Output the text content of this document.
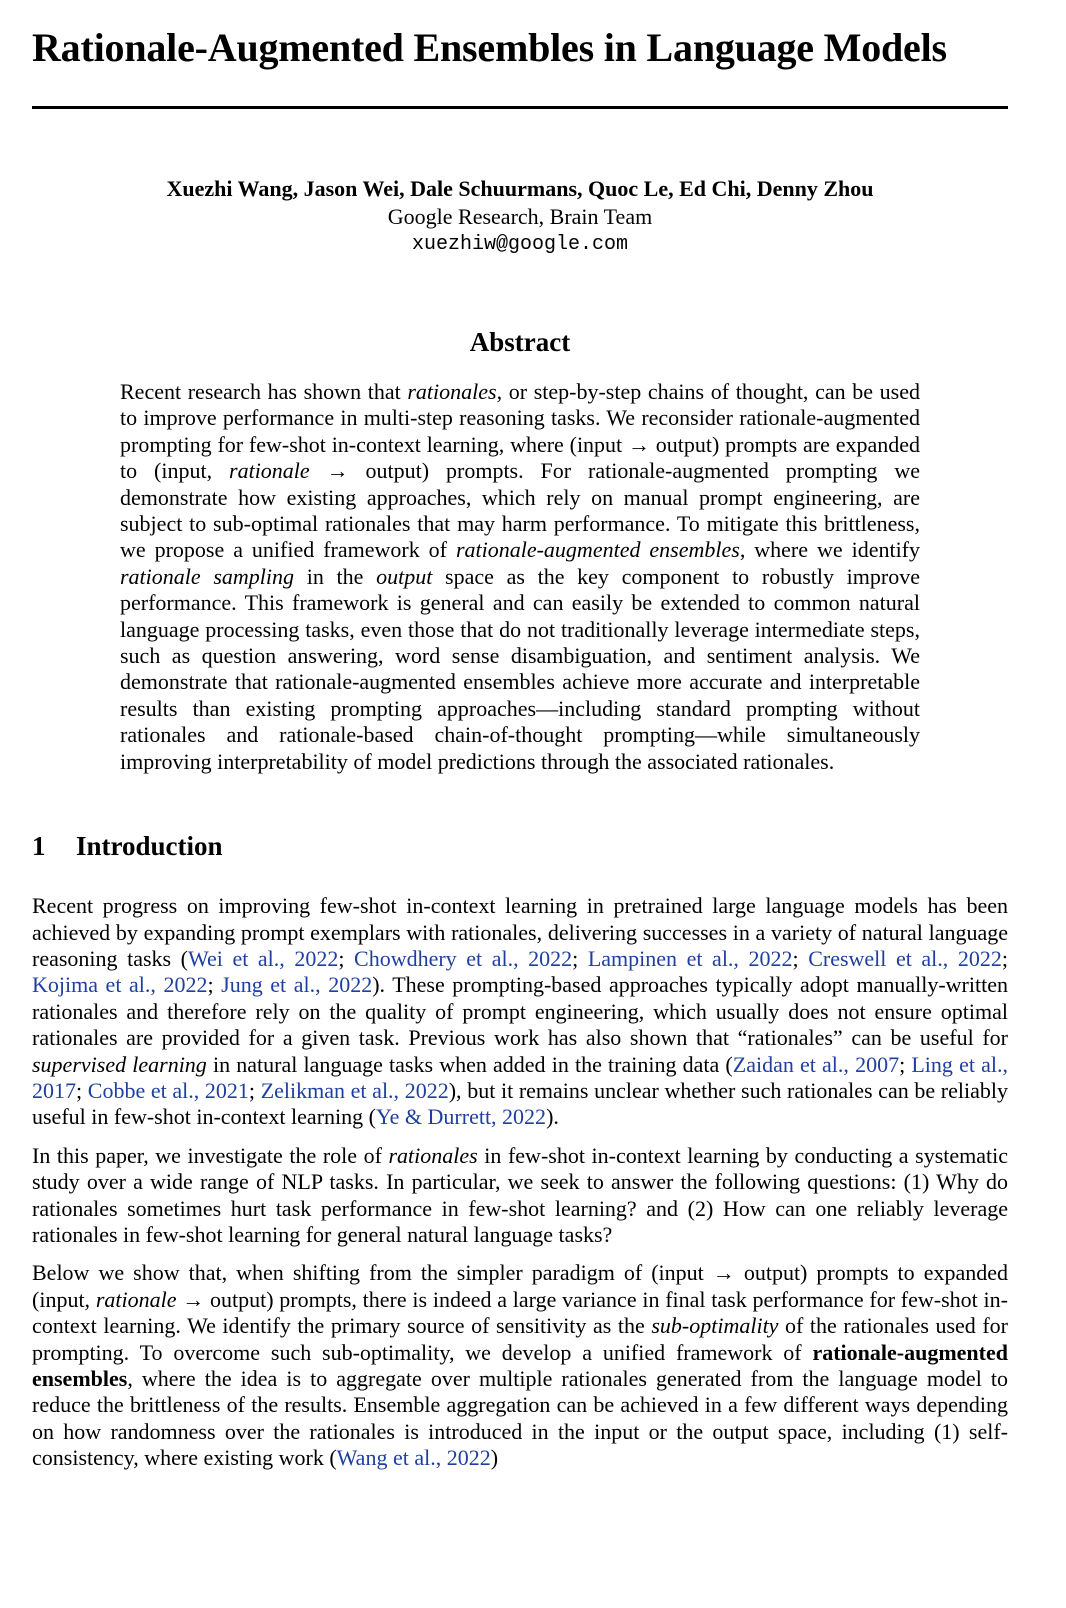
Rationale-Augmented Ensembles in Language Models
Xuezhi Wang, Jason Wei, Dale Schuurmans, Quoc Le, Ed Chi, Denny Zhou
Google Research, Brain Team
xuezhiw@google.com
Abstract

Recent research has shown that rationales, or step-by-step chains of thought, can be used to improve performance in multi-step reasoning tasks. We reconsider rationale-augmented prompting for few-shot in-context learning, where (input → output) prompts are expanded to (input, rationale → output) prompts. For rationale-augmented prompting we demonstrate how existing approaches, which rely on manual prompt engineering, are subject to sub-optimal rationales that may harm performance. To mitigate this brittleness, we propose a unified framework of rationale-augmented ensembles, where we identify rationale sampling in the output space as the key component to robustly improve performance. This framework is general and can easily be extended to common natural language processing tasks, even those that do not traditionally leverage intermediate steps, such as question answering, word sense disambiguation, and sentiment analysis. We demonstrate that rationale-augmented ensembles achieve more accurate and interpretable results than existing prompting approaches—including standard prompting without rationales and rationale-based chain-of-thought prompting—while simultaneously improving interpretability of model predictions through the associated rationales.

1 Introduction

Recent progress on improving few-shot in-context learning in pretrained large language models has been achieved by expanding prompt exemplars with rationales, delivering successes in a variety of natural language reasoning tasks (Wei et al., 2022; Chowdhery et al., 2022; Lampinen et al., 2022; Creswell et al., 2022; Kojima et al., 2022; Jung et al., 2022). These prompting-based approaches typically adopt manually-written rationales and therefore rely on the quality of prompt engineering, which usually does not ensure optimal rationales are provided for a given task. Previous work has also shown that “rationales” can be useful for supervised learning in natural language tasks when added in the training data (Zaidan et al., 2007; Ling et al., 2017; Cobbe et al., 2021; Zelikman et al., 2022), but it remains unclear whether such rationales can be reliably useful in few-shot in-context learning (Ye & Durrett, 2022).

In this paper, we investigate the role of rationales in few-shot in-context learning by conducting a systematic study over a wide range of NLP tasks. In particular, we seek to answer the following questions: (1) Why do rationales sometimes hurt task performance in few-shot learning? and (2) How can one reliably leverage rationales in few-shot learning for general natural language tasks?

Below we show that, when shifting from the simpler paradigm of (input → output) prompts to expanded (input, rationale → output) prompts, there is indeed a large variance in final task performance for few-shot in-context learning. We identify the primary source of sensitivity as the sub-optimality of the rationales used for prompting. To overcome such sub-optimality, we develop a unified framework of rationale-augmented ensembles, where the idea is to aggregate over multiple rationales generated from the language model to reduce the brittleness of the results. Ensemble aggregation can be achieved in a few different ways depending on how randomness over the rationales is introduced in the input or the output space, including (1) self-consistency, where existing work (Wang et al., 2022)
